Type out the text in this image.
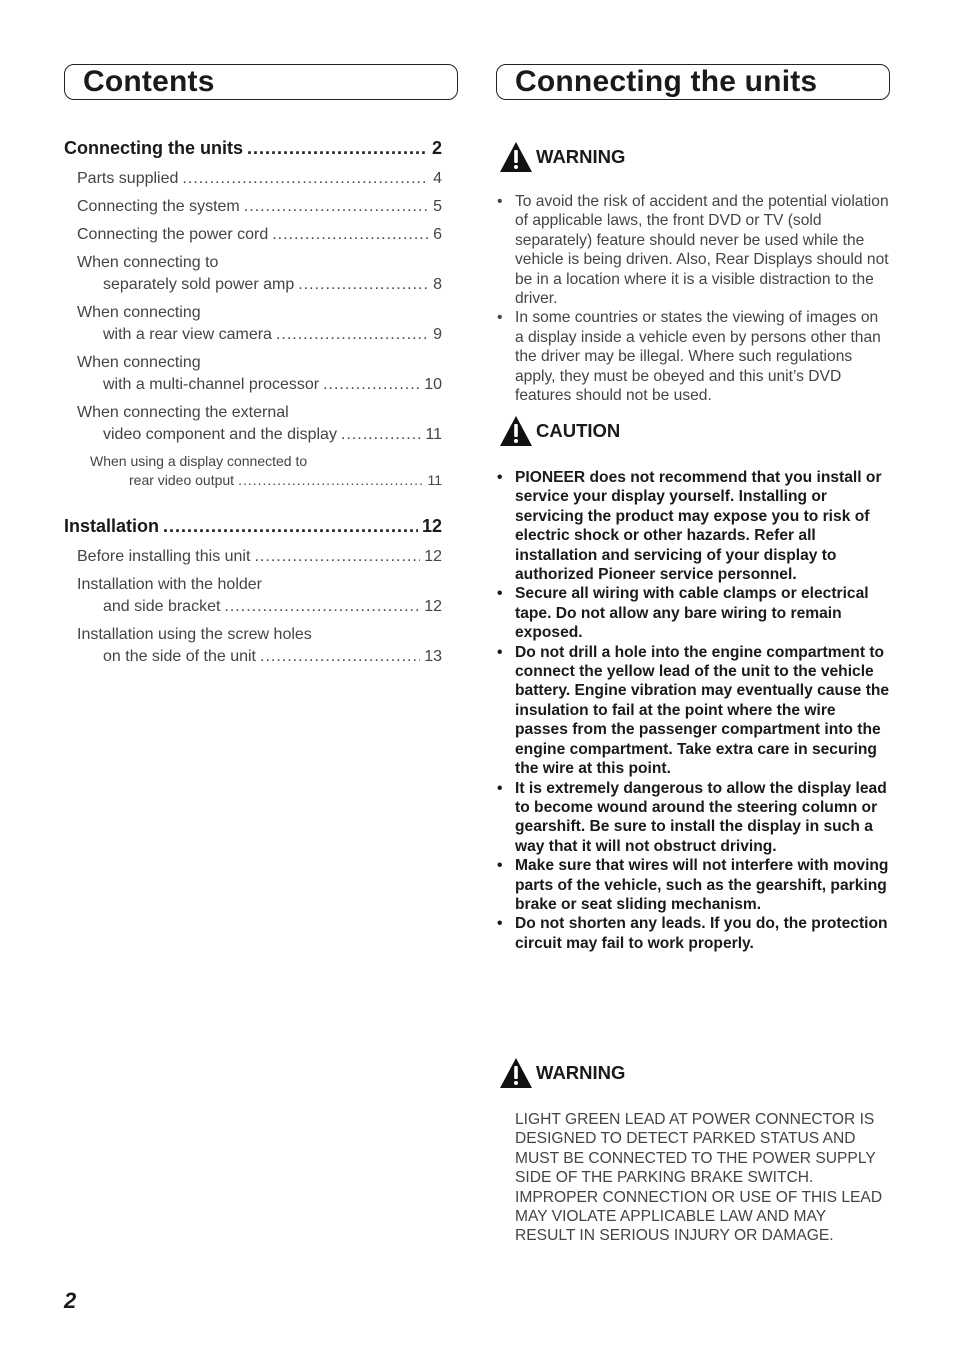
Contents
Connecting the units .....	2
Parts supplied .....	4
Connecting the system .....	5
Connecting the power cord .....	6
When connecting to
separately sold power amp .....	8
When connecting
with a rear view camera .....	9
When connecting
with a multi-channel processor .....	10
When connecting the external
video component and the display .....	11
When using a display connected to
rear video output .....	11
Installation .....	12
Before installing this unit .....	12
Installation with the holder
and side bracket .....	12
Installation using the screw holes
on the side of the unit .....	13
Connecting the units
WARNING
• To avoid the risk of accident and the potential violation of applicable laws, the front DVD or TV (sold separately) feature should never be used while the vehicle is being driven. Also, Rear Displays should not be in a location where it is a visible distraction to the driver.
• In some countries or states the viewing of images on a display inside a vehicle even by persons other than the driver may be illegal. Where such regulations apply, they must be obeyed and this unit’s DVD features should not be used.
CAUTION
• PIONEER does not recommend that you install or service your display yourself. Installing or servicing the product may expose you to risk of electric shock or other hazards. Refer all installation and servicing of your display to authorized Pioneer service personnel.
• Secure all wiring with cable clamps or electrical tape. Do not allow any bare wiring to remain exposed.
• Do not drill a hole into the engine compartment to connect the yellow lead of the unit to the vehicle battery. Engine vibration may eventually cause the insulation to fail at the point where the wire passes from the passenger compartment into the engine compartment. Take extra care in securing the wire at this point.
• It is extremely dangerous to allow the display lead to become wound around the steering column or gearshift. Be sure to install the display in such a way that it will not obstruct driving.
• Make sure that wires will not interfere with moving parts of the vehicle, such as the gearshift, parking brake or seat sliding mechanism.
• Do not shorten any leads. If you do, the protection circuit may fail to work properly.
WARNING
LIGHT GREEN LEAD AT POWER CONNECTOR IS DESIGNED TO DETECT PARKED STATUS AND MUST BE CONNECTED TO THE POWER SUPPLY SIDE OF THE PARKING BRAKE SWITCH. IMPROPER CONNECTION OR USE OF THIS LEAD MAY VIOLATE APPLICABLE LAW AND MAY RESULT IN SERIOUS INJURY OR DAMAGE.
2
